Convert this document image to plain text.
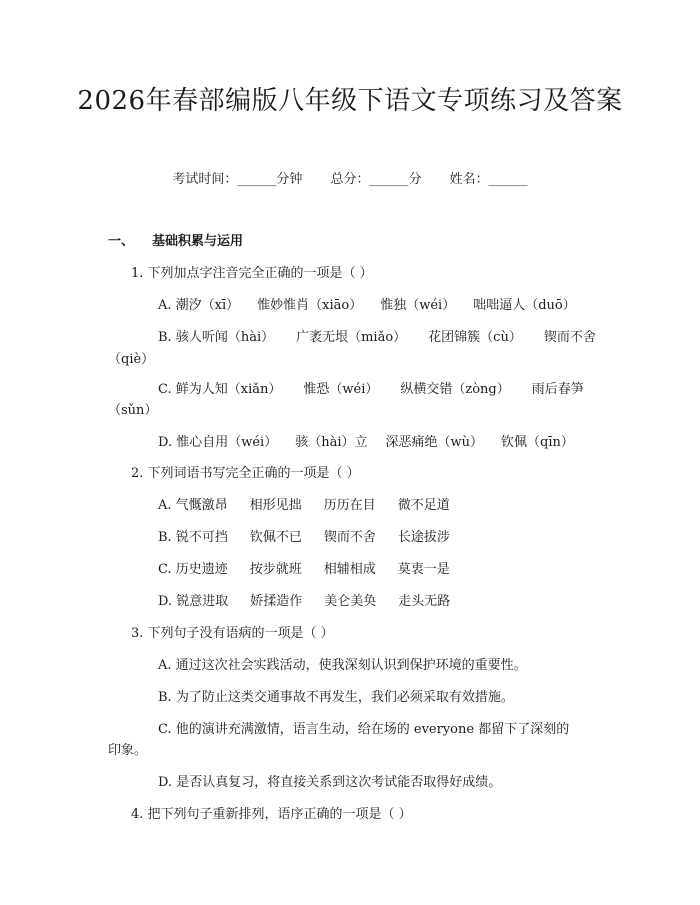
2026年春部编版八年级下语文专项练习及答案
考试时间：______分钟 总分：______分 姓名：______
一、 基础积累与运用
1. 下列加点字注音完全正确的一项是（ ）
A. 潮汐（xī） 惟妙惟肖（xiāo） 惟独（wéi） 咄咄逼人（duō）
B. 骇人听闻（hài） 广袤无垠（miǎo） 花团锦簇（cù） 锲而不舍
（qiè）
C. 鲜为人知（xiǎn） 惟恐（wéi） 纵横交错（zòng） 雨后春笋
（sǔn）
D. 惟心自用（wéi） 骇（hài）立 深恶痛绝（wù） 钦佩（qīn）
2. 下列词语书写完全正确的一项是（ ）
A. 气慨激昂 相形见拙 历历在目 微不足道
B. 锐不可挡 钦佩不已 锲而不舍 长途拔涉
C. 历史遗迹 按步就班 相辅相成 莫衷一是
D. 锐意进取 娇揉造作 美仑美奂 走头无路
3. 下列句子没有语病的一项是（ ）
A. 通过这次社会实践活动，使我深刻认识到保护环境的重要性。
B. 为了防止这类交通事故不再发生，我们必须采取有效措施。
C. 他的演讲充满激情，语言生动，给在场的 everyone 都留下了深刻的
印象。
D. 是否认真复习，将直接关系到这次考试能否取得好成绩。
4. 把下列句子重新排列，语序正确的一项是（ ）
